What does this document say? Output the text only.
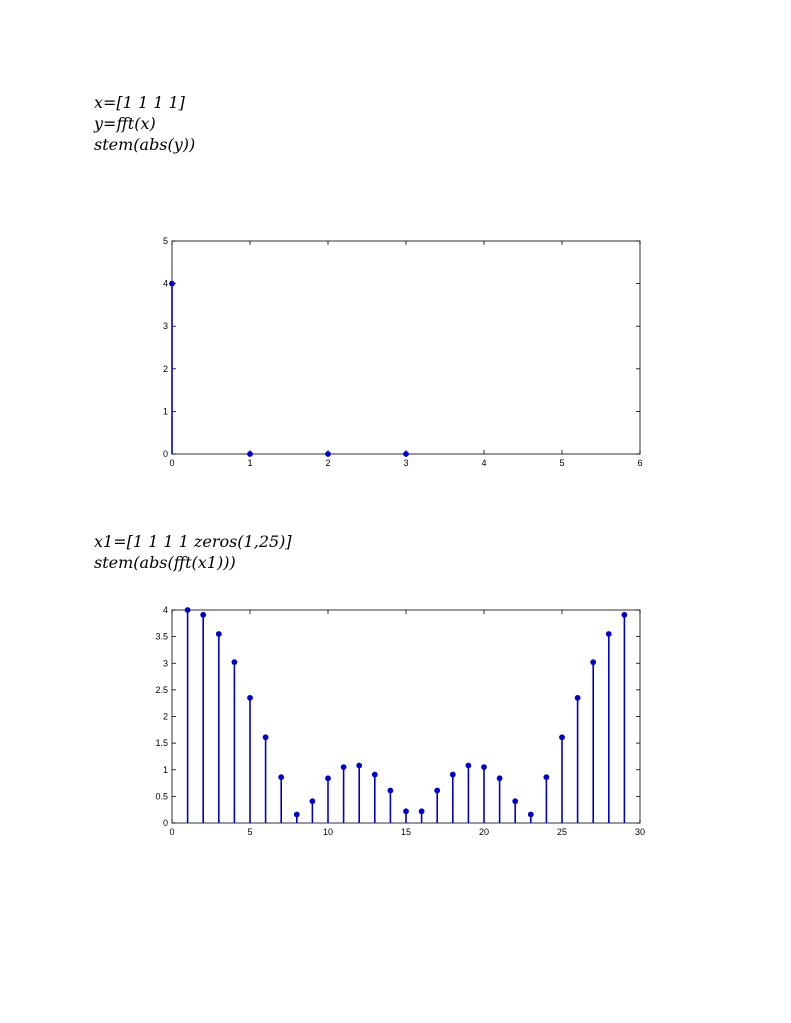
x=[1 1 1 1]
y=fft(x)
stem(abs(y))
0	1	2	3	4	5	6
0
1
2
3
4
5
x1=[1 1 1 1 zeros(1,25)]
stem(abs(fft(x1)))
0	5	10	15	20	25	30
0
0.5
1
1.5
2
2.5
3
3.5
4
